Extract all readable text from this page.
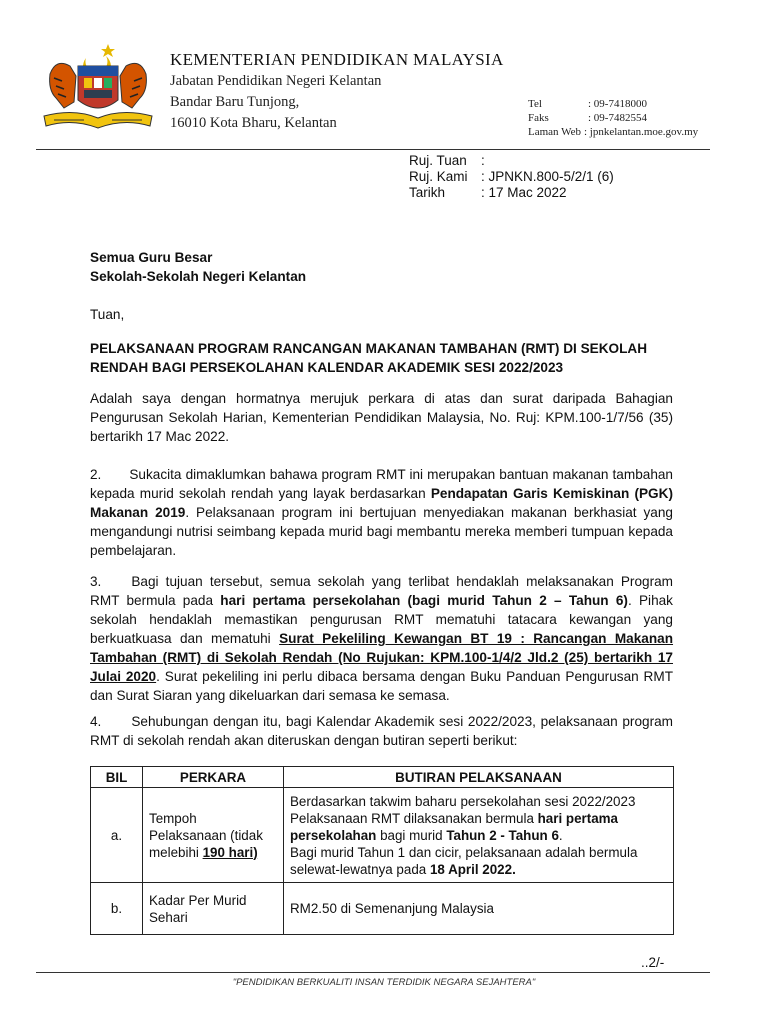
KEMENTERIAN PENDIDIKAN MALAYSIA
Jabatan Pendidikan Negeri Kelantan
Bandar Baru Tunjong,
16010 Kota Bharu, Kelantan
Tel	: 09-7418000
Faks	: 09-7482554
Laman Web : jpnkelantan.moe.gov.my
Ruj. Tuan	:
Ruj. Kami : JPNKN.800-5/2/1 (6)
Tarikh	: 17 Mac 2022
Semua Guru Besar
Sekolah-Sekolah Negeri Kelantan
Tuan,
PELAKSANAAN PROGRAM RANCANGAN MAKANAN TAMBAHAN (RMT) DI SEKOLAH
RENDAH BAGI PERSEKOLAHAN KALENDAR AKADEMIK SESI 2022/2023
Adalah saya dengan hormatnya merujuk perkara di atas dan surat daripada Bahagian Pengurusan Sekolah Harian, Kementerian Pendidikan Malaysia, No. Ruj: KPM.100-1/7/56 (35) bertarikh 17 Mac 2022.
2. Sukacita dimaklumkan bahawa program RMT ini merupakan bantuan makanan tambahan kepada murid sekolah rendah yang layak berdasarkan Pendapatan Garis Kemiskinan (PGK) Makanan 2019. Pelaksanaan program ini bertujuan menyediakan makanan berkhasiat yang mengandungi nutrisi seimbang kepada murid bagi membantu mereka memberi tumpuan kepada pembelajaran.
3. Bagi tujuan tersebut, semua sekolah yang terlibat hendaklah melaksanakan Program RMT bermula pada hari pertama persekolahan (bagi murid Tahun 2 – Tahun 6). Pihak sekolah hendaklah memastikan pengurusan RMT mematuhi tatacara kewangan yang berkuatkuasa dan mematuhi Surat Pekeliling Kewangan BT 19 : Rancangan Makanan Tambahan (RMT) di Sekolah Rendah (No Rujukan: KPM.100-1/4/2 Jld.2 (25) bertarikh 17 Julai 2020. Surat pekeliling ini perlu dibaca bersama dengan Buku Panduan Pengurusan RMT dan Surat Siaran yang dikeluarkan dari semasa ke semasa.
4. Sehubungan dengan itu, bagi Kalendar Akademik sesi 2022/2023, pelaksanaan program RMT di sekolah rendah akan diteruskan dengan butiran seperti berikut:
BIL	PERKARA	BUTIRAN PELAKSANAAN
a.	Tempoh Pelaksanaan (tidak melebihi 190 hari)	Berdasarkan takwim baharu persekolahan sesi 2022/2023 Pelaksanaan RMT dilaksanakan bermula hari pertama persekolahan bagi murid Tahun 2 - Tahun 6.
Bagi murid Tahun 1 dan cicir, pelaksanaan adalah bermula selewat-lewatnya pada 18 April 2022.

b.	Kadar Per Murid Sehari	RM2.50 di Semenanjung Malaysia
..2/-
"PENDIDIKAN BERKUALITI INSAN TERDIDIK NEGARA SEJAHTERA"
